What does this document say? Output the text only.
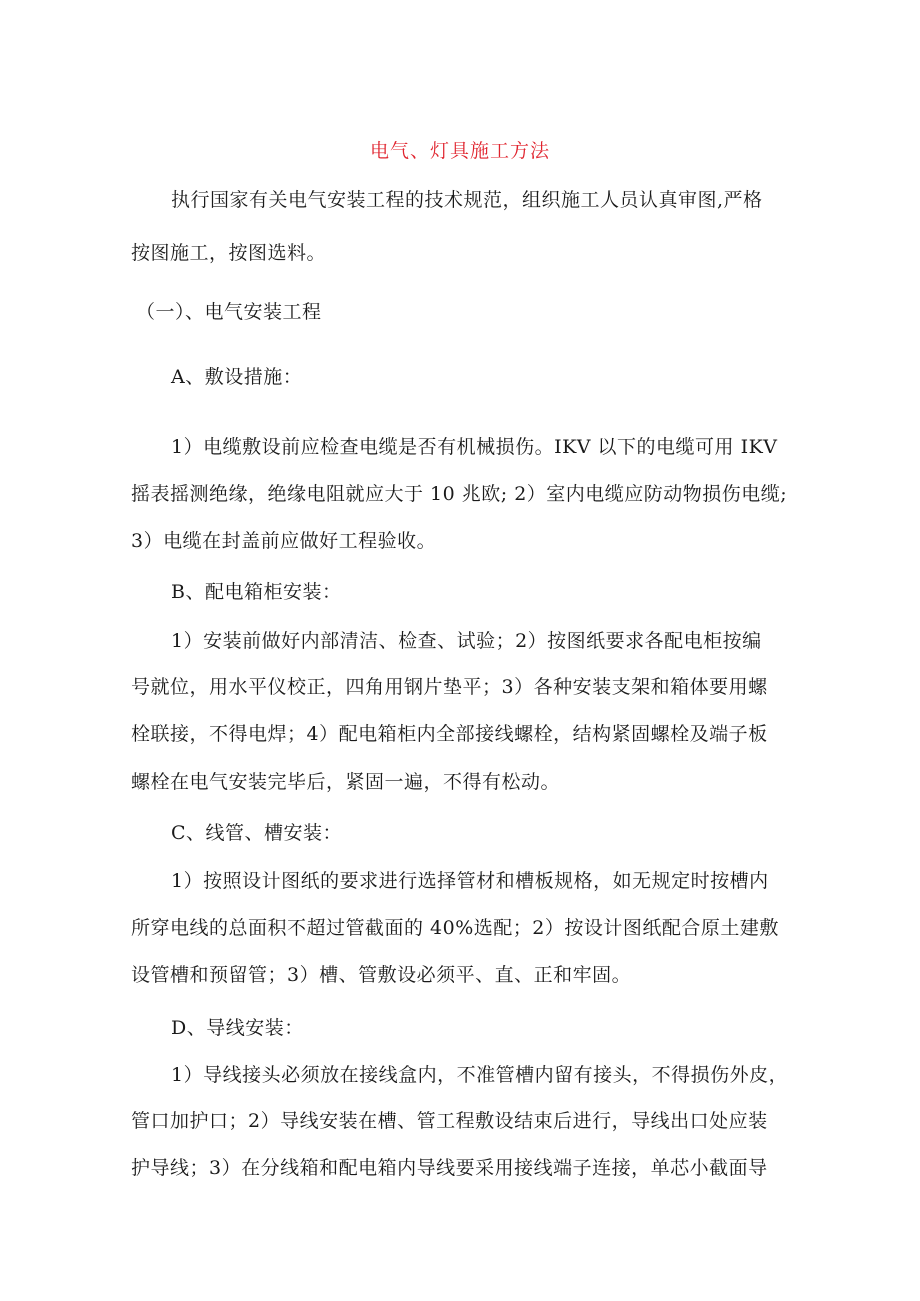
电气、灯具施工方法
执行国家有关电气安装工程的技术规范，组织施工人员认真审图,严格
按图施工，按图选料。
（一）、电气安装工程
A、敷设措施：
1）电缆敷设前应检查电缆是否有机械损伤。IKV 以下的电缆可用 IKV
摇表摇测绝缘，绝缘电阻就应大于 10 兆欧; 2）室内电缆应防动物损伤电缆;
3）电缆在封盖前应做好工程验收。
B、配电箱柜安装：
1）安装前做好内部清洁、检查、试验；2）按图纸要求各配电柜按编
号就位，用水平仪校正，四角用钢片垫平；3）各种安装支架和箱体要用螺
栓联接，不得电焊；4）配电箱柜内全部接线螺栓，结构紧固螺栓及端子板
螺栓在电气安装完毕后，紧固一遍，不得有松动。
C、线管、槽安装：
1）按照设计图纸的要求进行选择管材和槽板规格，如无规定时按槽内
所穿电线的总面积不超过管截面的 40%选配；2）按设计图纸配合原土建敷
设管槽和预留管；3）槽、管敷设必须平、直、正和牢固。
D、导线安装：
1）导线接头必须放在接线盒内，不准管槽内留有接头，不得损伤外皮，
管口加护口；2）导线安装在槽、管工程敷设结束后进行，导线出口处应装
护导线；3）在分线箱和配电箱内导线要采用接线端子连接，单芯小截面导
